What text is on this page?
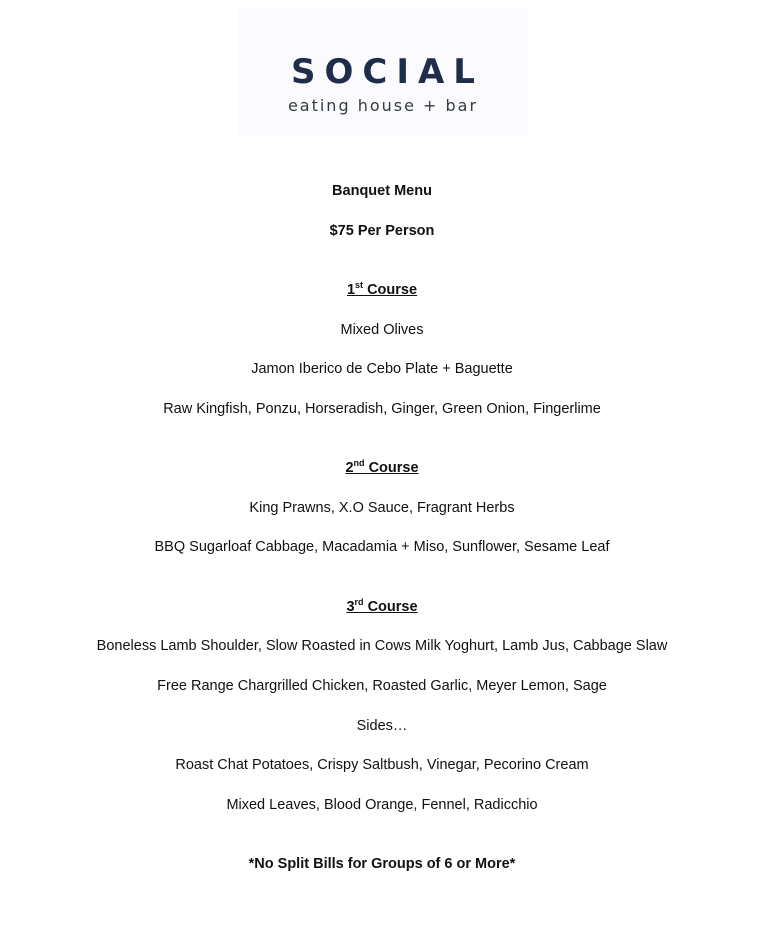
SOCIAL
eating house + bar
Banquet Menu
$75 Per Person
1st Course
Mixed Olives
Jamon Iberico de Cebo Plate + Baguette
Raw Kingfish, Ponzu, Horseradish, Ginger, Green Onion, Fingerlime
2nd Course
King Prawns, X.O Sauce, Fragrant Herbs
BBQ Sugarloaf Cabbage, Macadamia + Miso, Sunflower, Sesame Leaf
3rd Course
Boneless Lamb Shoulder, Slow Roasted in Cows Milk Yoghurt, Lamb Jus, Cabbage Slaw
Free Range Chargrilled Chicken, Roasted Garlic, Meyer Lemon, Sage
Sides…
Roast Chat Potatoes, Crispy Saltbush, Vinegar, Pecorino Cream
Mixed Leaves, Blood Orange, Fennel, Radicchio
*No Split Bills for Groups of 6 or More*
